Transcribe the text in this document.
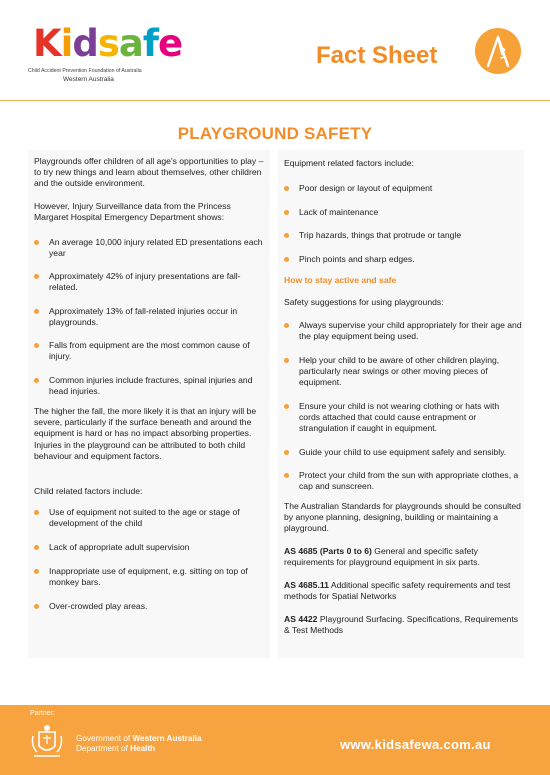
Kidsafe
Child Accident Prevention Foundation of Australia
Western Australia
Fact Sheet
PLAYGROUND SAFETY

Playgrounds offer children of all age's opportunities to play – to try new things and learn about themselves, other children and the outside environment.

However, Injury Surveillance data from the Princess Margaret Hospital Emergency Department shows:

An average 10,000 injury related ED presentations each year
Approximately 42% of injury presentations are fall-related.
Approximately 13% of fall-related injuries occur in playgrounds.
Falls from equipment are the most common cause of injury.
Common injuries include fractures, spinal injuries and head injuries.

The higher the fall, the more likely it is that an injury will be severe, particularly if the surface beneath and around the equipment is hard or has no impact absorbing properties. Injuries in the playground can be attributed to both child behaviour and equipment factors.

Child related factors include:

Use of equipment not suited to the age or stage of development of the child
Lack of appropriate adult supervision
Inappropriate use of equipment, e.g. sitting on top of monkey bars.
Over-crowded play areas.

Equipment related factors include:

Poor design or layout of equipment
Lack of maintenance
Trip hazards, things that protrude or tangle
Pinch points and sharp edges.

How to stay active and safe

Safety suggestions for using playgrounds:

Always supervise your child appropriately for their age and the play equipment being used.
Help your child to be aware of other children playing, particularly near swings or other moving pieces of equipment.
Ensure your child is not wearing clothing or hats with cords attached that could cause entrapment or strangulation if caught in equipment.
Guide your child to use equipment safely and sensibly.
Protect your child from the sun with appropriate clothes, a cap and sunscreen.

The Australian Standards for playgrounds should be consulted by anyone planning, designing, building or maintaining a playground.

AS 4685 (Parts 0 to 6) General and specific safety requirements for playground equipment in six parts.

AS 4685.11 Additional specific safety requirements and test methods for Spatial Networks

AS 4422 Playground Surfacing. Specifications, Requirements & Test Methods

Partner:
Government of Western Australia
Department of Health	www.kidsafewa.com.au
